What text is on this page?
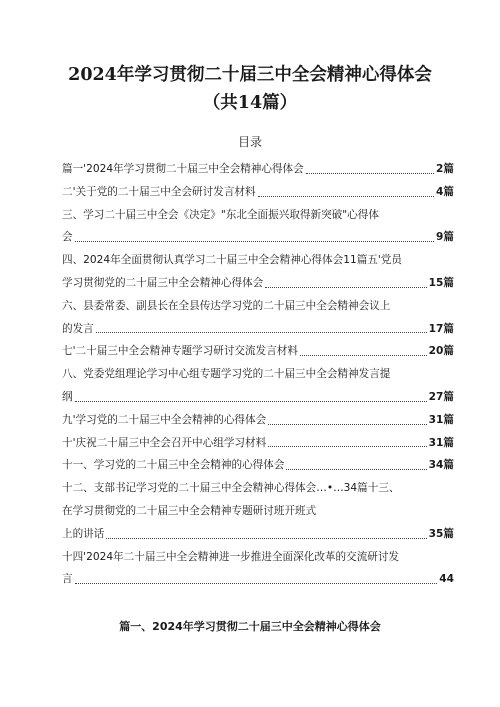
2024年学习贯彻二十届三中全会精神心得体会
（共14篇）
目录
篇一'2024年学习贯彻二十届三中全会精神心得体会	2篇
二'关于党的二十届三中全会研讨发言材料	4篇
三、学习二十届三中全会《决定》"东北全面振兴取得新突破"心得体
会	9篇
四、2024年全面贯彻认真学习二十届三中全会精神心得体会11篇五'党员
学习贯彻党的二十届三中全会精神心得体会	15篇
六、县委常委、副县长在全县传达学习党的二十届三中全会精神会议上
的发言	17篇
七'二十届三中全会精神专题学习研讨交流发言材料	20篇
八、党委党组理论学习中心组专题学习党的二十届三中全会精神发言提
纲	27篇
九'学习党的二十届三中全会精神的心得体会	31篇
十'庆祝二十届三中全会召开中心组学习材料	31篇
十一、学习党的二十届三中全会精神的心得体会	34篇
十二、支部书记学习党的二十届三中全会精神心得体会…•…34篇十三、
在学习贯彻党的二十届三中全会精神专题研讨班开班式
上的讲话	35篇
十四'2024年二十届三中全会精神进一步推进全面深化改革的交流研讨发
言	44
篇一、2024年学习贯彻二十届三中全会精神心得体会
